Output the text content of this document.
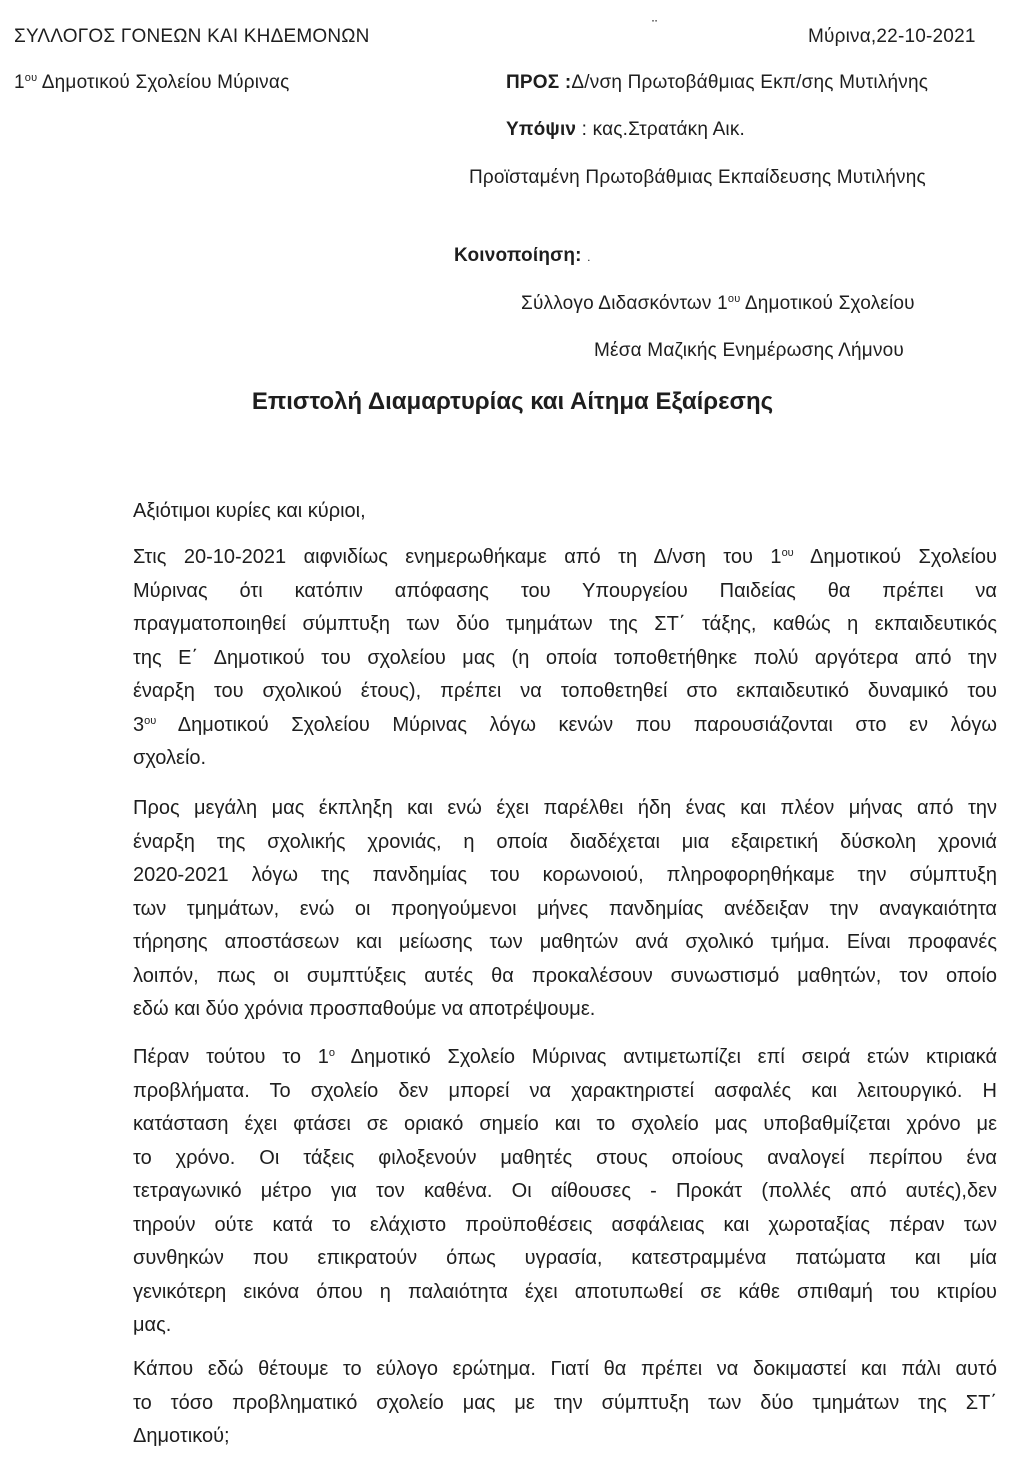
ΣΥΛΛΟΓΟΣ ΓΟΝΕΩΝ ΚΑΙ ΚΗΔΕΜΟΝΩΝ
$1^{o\upsilon}$ Δημοτικού Σχολείου Μύρινας
¨	Μύρινα,22-10-2021
ΠΡΟΣ :Δ/νση Πρωτοβάθμιας Εκπ/σης Μυτιλήνης
Υπόψιν : κας.Στρατάκη Αικ.
Προϊσταμένη Πρωτοβάθμιας Εκπαίδευσης Μυτιλήνης
Κοινοποίηση: .
Σύλλογο Διδασκόντων $1^{o\upsilon}$ Δημοτικού Σχολείου
Μέσα Μαζικής Ενημέρωσης Λήμνου
Επιστολή Διαμαρτυρίας και Αίτημα Εξαίρεσης
Αξιότιμοι κυρίες και κύριοι,
Στις 20-10-2021 αιφνιδίως ενημερωθήκαμε από τη Δ/νση του $1^{o\upsilon}$ Δημοτικού Σχολείου
Μύρινας ότι κατόπιν απόφασης του Υπουργείου Παιδείας θα πρέπει να
πραγματοποιηθεί σύμπτυξη των δύο τμημάτων της ΣΤ΄ τάξης, καθώς η εκπαιδευτικός
της Ε΄ Δημοτικού του σχολείου μας (η οποία τοποθετήθηκε πολύ αργότερα από την
έναρξη του σχολικού έτους), πρέπει να τοποθετηθεί στο εκπαιδευτικό δυναμικό του
$3^{o\upsilon}$ Δημοτικού Σχολείου Μύρινας λόγω κενών που παρουσιάζονται στο εν λόγω
σχολείο.
Προς μεγάλη μας έκπληξη και ενώ έχει παρέλθει ήδη ένας και πλέον μήνας από την
έναρξη της σχολικής χρονιάς, η οποία διαδέχεται μια εξαιρετική δύσκολη χρονιά
2020-2021 λόγω της πανδημίας του κορωνοιού, πληροφορηθήκαμε την σύμπτυξη
των τμημάτων, ενώ οι προηγούμενοι μήνες πανδημίας ανέδειξαν την αναγκαιότητα
τήρησης αποστάσεων και μείωσης των μαθητών ανά σχολικό τμήμα. Είναι προφανές
λοιπόν, πως οι συμπτύξεις αυτές θα προκαλέσουν συνωστισμό μαθητών, τον οποίο
εδώ και δύο χρόνια προσπαθούμε να αποτρέψουμε.
Πέραν τούτου το $1^o$ Δημοτικό Σχολείο Μύρινας αντιμετωπίζει επί σειρά ετών κτιριακά
προβλήματα. Το σχολείο δεν μπορεί να χαρακτηριστεί ασφαλές και λειτουργικό. Η
κατάσταση έχει φτάσει σε οριακό σημείο και το σχολείο μας υποβαθμίζεται χρόνο με
το χρόνο. Οι τάξεις φιλοξενούν μαθητές στους οποίους αναλογεί περίπου ένα
τετραγωνικό μέτρο για τον καθένα. Οι αίθουσες - Προκάτ (πολλές από αυτές),δεν
τηρούν ούτε κατά το ελάχιστο προϋποθέσεις ασφάλειας και χωροταξίας πέραν των
συνθηκών που επικρατούν όπως υγρασία, κατεστραμμένα πατώματα και μία
γενικότερη εικόνα όπου η παλαιότητα έχει αποτυπωθεί σε κάθε σπιθαμή του κτιρίου
μας.
Κάπου εδώ θέτουμε το εύλογο ερώτημα. Γιατί θα πρέπει να δοκιμαστεί και πάλι αυτό
το τόσο προβληματικό σχολείο μας με την σύμπτυξη των δύο τμημάτων της ΣΤ΄
Δημοτικού;
